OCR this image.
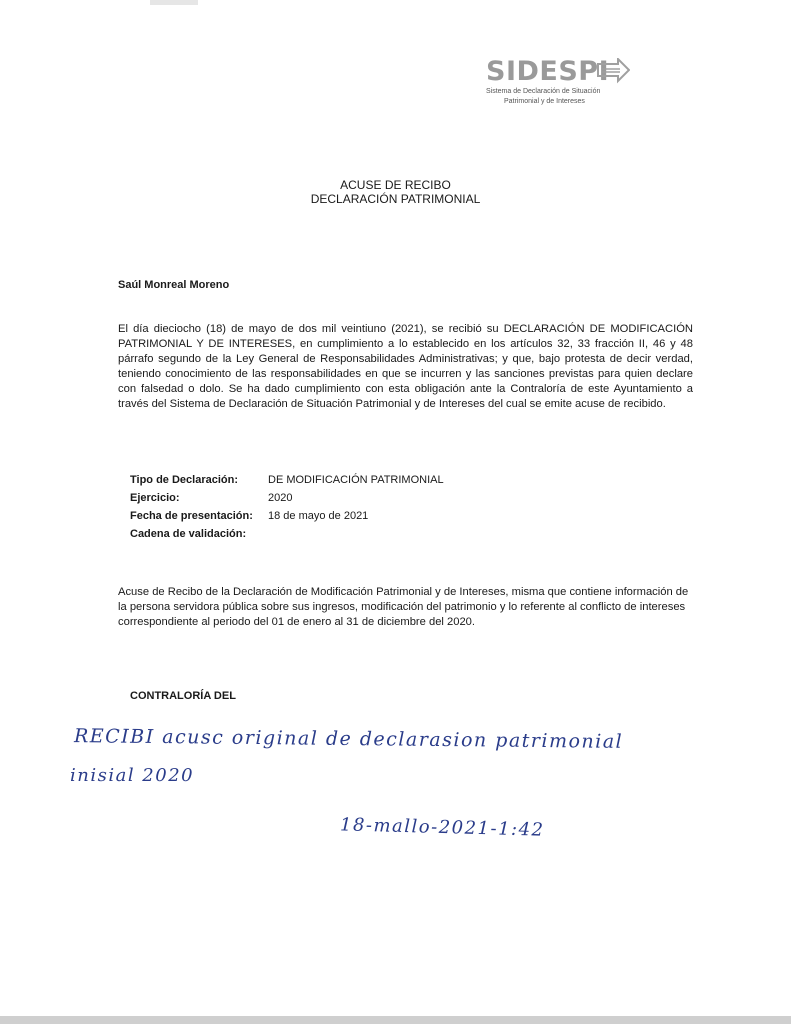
SIDESPI
Sistema de Declaración de Situación
Patrimonial y de Intereses
ACUSE DE RECIBO
DECLARACIÓN PATRIMONIAL
Saúl Monreal Moreno

El día dieciocho (18) de mayo de dos mil veintiuno (2021), se recibió su DECLARACIÓN DE MODIFICACIÓN PATRIMONIAL Y DE INTERESES, en cumplimiento a lo establecido en los artículos 32, 33 fracción II, 46 y 48 párrafo segundo de la Ley General de Responsabilidades Administrativas; y que, bajo protesta de decir verdad, teniendo conocimiento de las responsabilidades en que se incurren y las sanciones previstas para quien declare con falsedad o dolo. Se ha dado cumplimiento con esta obligación ante la Contraloría de este Ayuntamiento a través del Sistema de Declaración de Situación Patrimonial y de Intereses del cual se emite acuse de recibido.

Tipo de Declaración:	DE MODIFICACIÓN PATRIMONIAL
Ejercicio:	2020
Fecha de presentación: 18 de mayo de 2021
Cadena de validación:

Acuse de Recibo de la Declaración de Modificación Patrimonial y de Intereses, misma que contiene información de la persona servidora pública sobre sus ingresos, modificación del patrimonio y lo referente al conflicto de intereses correspondiente al periodo del 01 de enero al 31 de diciembre del 2020.

CONTRALORÍA DEL
RECIBI acusc original de declarasion patrimonial
inisial 2020
18-mallo-2021-1:42
